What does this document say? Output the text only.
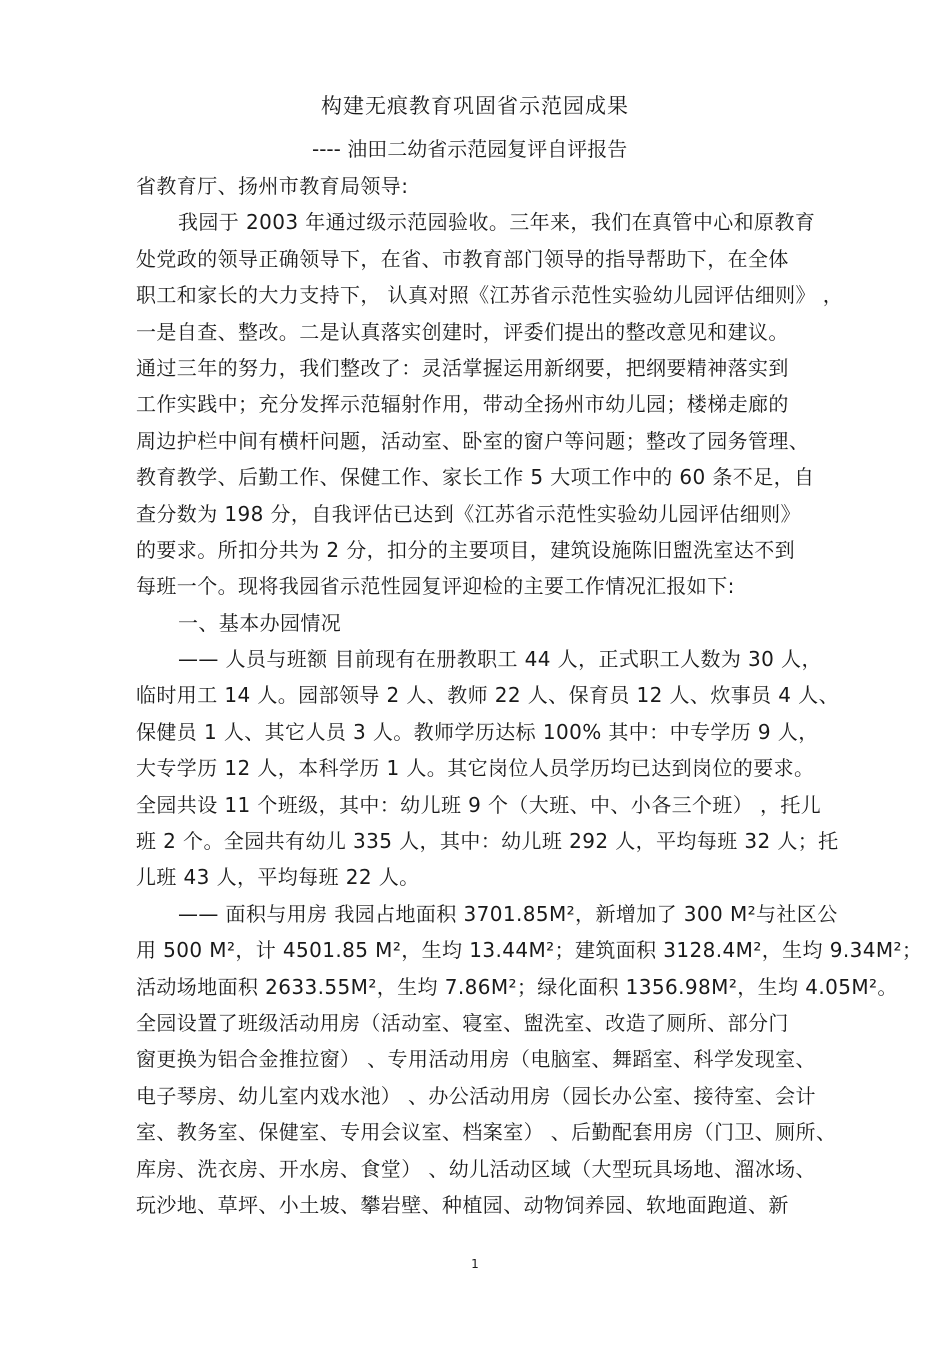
构建无痕教育巩固省示范园成果
---- 油田二幼省示范园复评自评报告
省教育厅、扬州市教育局领导:
我园于 2003 年通过级示范园验收。三年来，我们在真管中心和原教育
处党政的领导正确领导下，在省、市教育部门领导的指导帮助下，在全体
职工和家长的大力支持下， 认真对照《江苏省示范性实验幼儿园评估细则》 ，
一是自查、整改。二是认真落实创建时，评委们提出的整改意见和建议。
通过三年的努力，我们整改了：灵活掌握运用新纲要，把纲要精神落实到
工作实践中；充分发挥示范辐射作用，带动全扬州市幼儿园；楼梯走廊的
周边护栏中间有横杆问题，活动室、卧室的窗户等问题；整改了园务管理、
教育教学、后勤工作、保健工作、家长工作 5 大项工作中的 60 条不足，自
查分数为 198 分，自我评估已达到《江苏省示范性实验幼儿园评估细则》
的要求。所扣分共为 2 分，扣分的主要项目，建筑设施陈旧盥洗室达不到
每班一个。现将我园省示范性园复评迎检的主要工作情况汇报如下:
一、基本办园情况
—— 人员与班额 目前现有在册教职工 44 人，正式职工人数为 30 人，
临时用工 14 人。园部领导 2 人、教师 22 人、保育员 12 人、炊事员 4 人、
保健员 1 人、其它人员 3 人。教师学历达标 100% 其中：中专学历 9 人，
大专学历 12 人，本科学历 1 人。其它岗位人员学历均已达到岗位的要求。
全园共设 11 个班级，其中：幼儿班 9 个（大班、中、小各三个班） ，托儿
班 2 个。全园共有幼儿 335 人，其中：幼儿班 292 人，平均每班 32 人；托
儿班 43 人，平均每班 22 人。
—— 面积与用房 我园占地面积 3701.85M²，新增加了 300 M²与社区公
用 500 M²，计 4501.85 M²，生均 13.44M²；建筑面积 3128.4M²，生均 9.34M²；
活动场地面积 2633.55M²，生均 7.86M²；绿化面积 1356.98M²，生均 4.05M²。
全园设置了班级活动用房（活动室、寝室、盥洗室、改造了厕所、部分门
窗更换为铝合金推拉窗） 、专用活动用房（电脑室、舞蹈室、科学发现室、
电子琴房、幼儿室内戏水池） 、办公活动用房（园长办公室、接待室、会计
室、教务室、保健室、专用会议室、档案室） 、后勤配套用房（门卫、厕所、
库房、洗衣房、开水房、食堂） 、幼儿活动区域（大型玩具场地、溜冰场、
玩沙地、草坪、小土坡、攀岩壁、种植园、动物饲养园、软地面跑道、新
1
